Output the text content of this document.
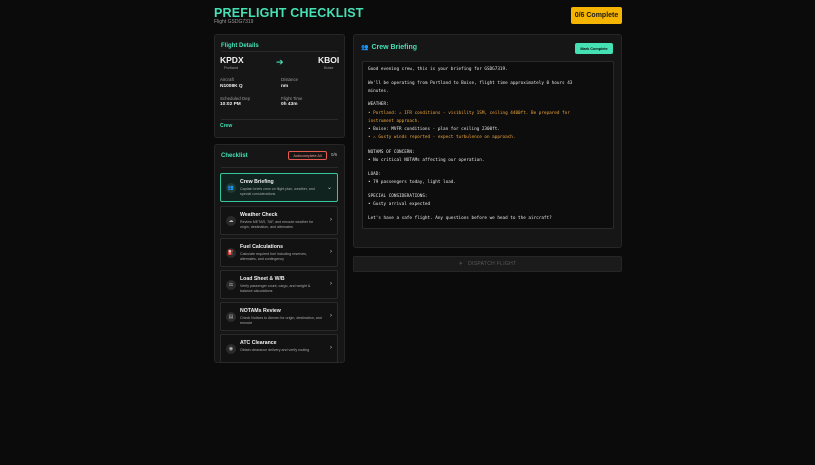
PREFLIGHT CHECKLIST
Flight GSDG7319
0/6 Complete
Flight Details
KPDX
Portland
➔	KBOI
Boise
Aircraft
N1008K Q
Distance
nm
Scheduled Dep
10:02 PM
Flight Time
0h 43m
Crew
Checklist	Autocomplete All	0/6
👥
Crew Briefing
Captain briefs crew on flight plan, weather, and special considerations
⌄
☁
Weather Check
Review METAR, TAF, and enroute weather for origin, destination, and alternates
›
⛽
Fuel Calculations
Calculate required fuel including reserves, alternates, and contingency
›
⚖
Load Sheet & W/B
Verify passenger count, cargo, and weight & balance calculations
›
▤
NOTAMs Review
Check Notices to Airmen for origin, destination, and enroute
›
◉
ATC Clearance
Obtain clearance delivery and verify routing	›
👥 Crew Briefing	Mark Complete
Good evening crew, this is your briefing for GSDG7319.
We'll be operating from Portland to Boise, flight time approximately 0 hours 43
minutes.
WEATHER:
• Portland: ⚠ IFR conditions - visibility 1SM, ceiling 4400ft. Be prepared for
instrument approach.
• Boise: MVFR conditions - plan for ceiling 2300ft.
• ⚠ Gusty winds reported - expect turbulence on approach.
NOTAMS OF CONCERN:
• No critical NOTAMs affecting our operation.
LOAD:
• 79 passengers today, light load.
SPECIAL CONSIDERATIONS:
• Gusty arrival expected
Let's have a safe flight. Any questions before we head to the aircraft?
✈ DISPATCH FLIGHT
